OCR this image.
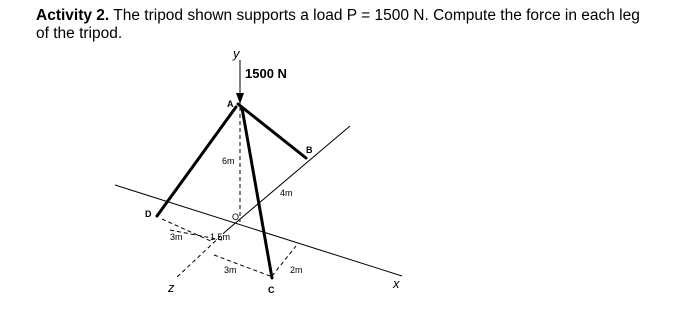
Activity 2. The tripod shown supports a load P = 1500 N. Compute the force in each leg of the tripod.

1500 N
y
x
z
A
B
C
D	O
6m
4m
3m	1.5m
3m	2m
